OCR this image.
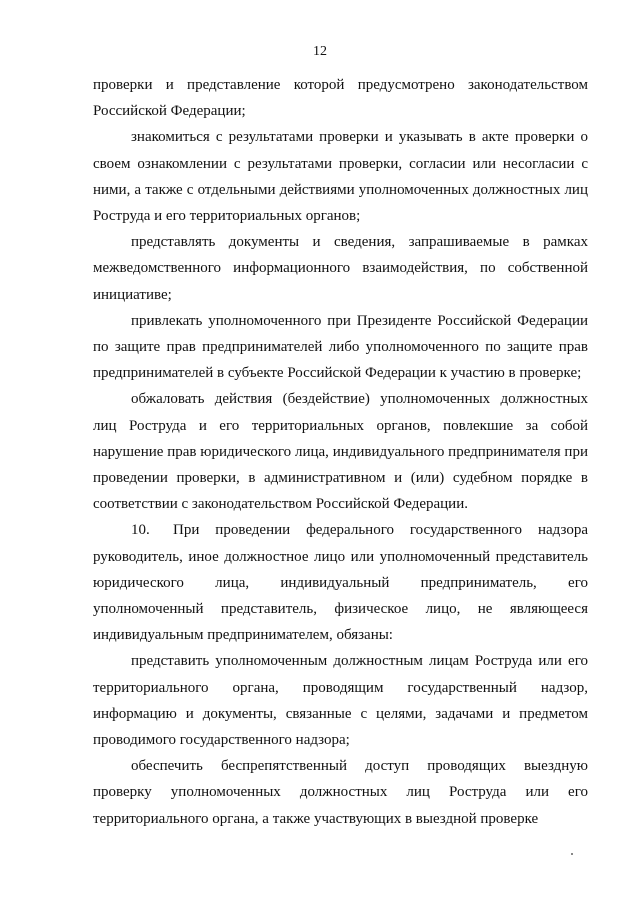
12

проверки и представление которой предусмотрено законодательством Российской Федерации;

знакомиться с результатами проверки и указывать в акте проверки о своем ознакомлении с результатами проверки, согласии или несогласии с ними, а также с отдельными действиями уполномоченных должностных лиц Роструда и его территориальных органов;

представлять документы и сведения, запрашиваемые в рамках межведомственного информационного взаимодействия, по собственной инициативе;

привлекать уполномоченного при Президенте Российской Федерации по защите прав предпринимателей либо уполномоченного по защите прав предпринимателей в субъекте Российской Федерации к участию в проверке;

обжаловать действия (бездействие) уполномоченных должностных лиц Роструда и его территориальных органов, повлекшие за собой нарушение прав юридического лица, индивидуального предпринимателя при проведении проверки, в административном и (или) судебном порядке в соответствии с законодательством Российской Федерации.

10. При проведении федерального государственного надзора руководитель, иное должностное лицо или уполномоченный представитель юридического лица, индивидуальный предприниматель, его уполномоченный представитель, физическое лицо, не являющееся индивидуальным предпринимателем, обязаны:

представить уполномоченным должностным лицам Роструда или его территориального органа, проводящим государственный надзор, информацию и документы, связанные с целями, задачами и предметом проводимого государственного надзора;

обеспечить беспрепятственный доступ проводящих выездную проверку уполномоченных должностных лиц Роструда или его территориального органа, а также участвующих в выездной проверке
